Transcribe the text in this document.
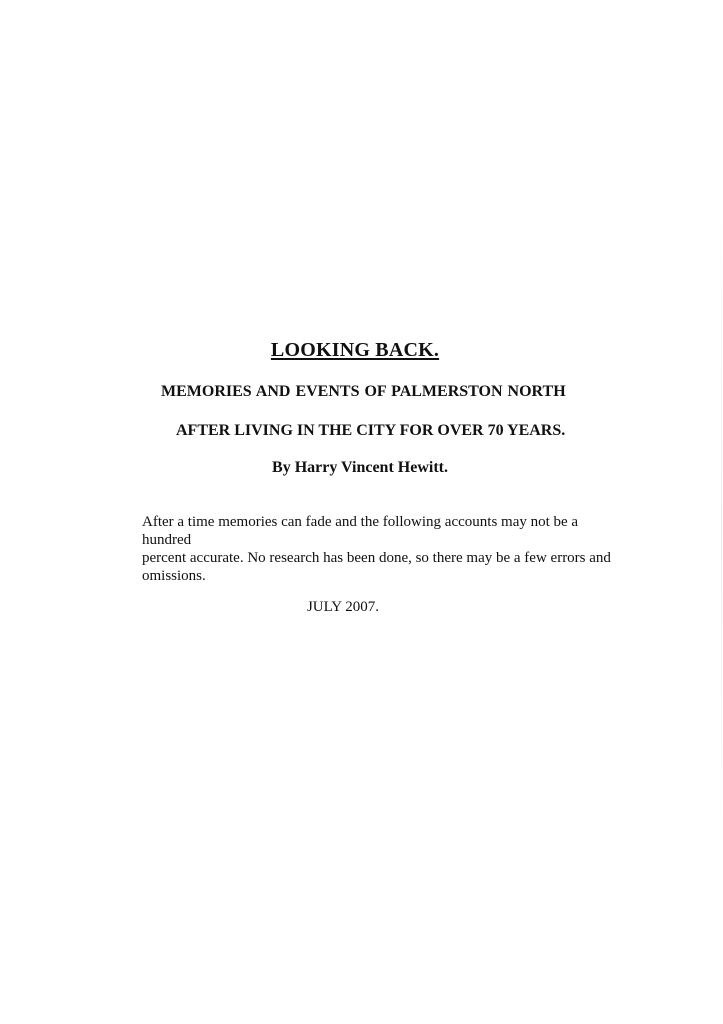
LOOKING BACK.
MEMORIES AND EVENTS OF PALMERSTON NORTH
AFTER LIVING IN THE CITY FOR OVER 70 YEARS.
By Harry Vincent Hewitt.
After a time memories can fade and the following accounts may not be a hundred
percent accurate. No research has been done, so there may be a few errors and
omissions.
JULY 2007.
